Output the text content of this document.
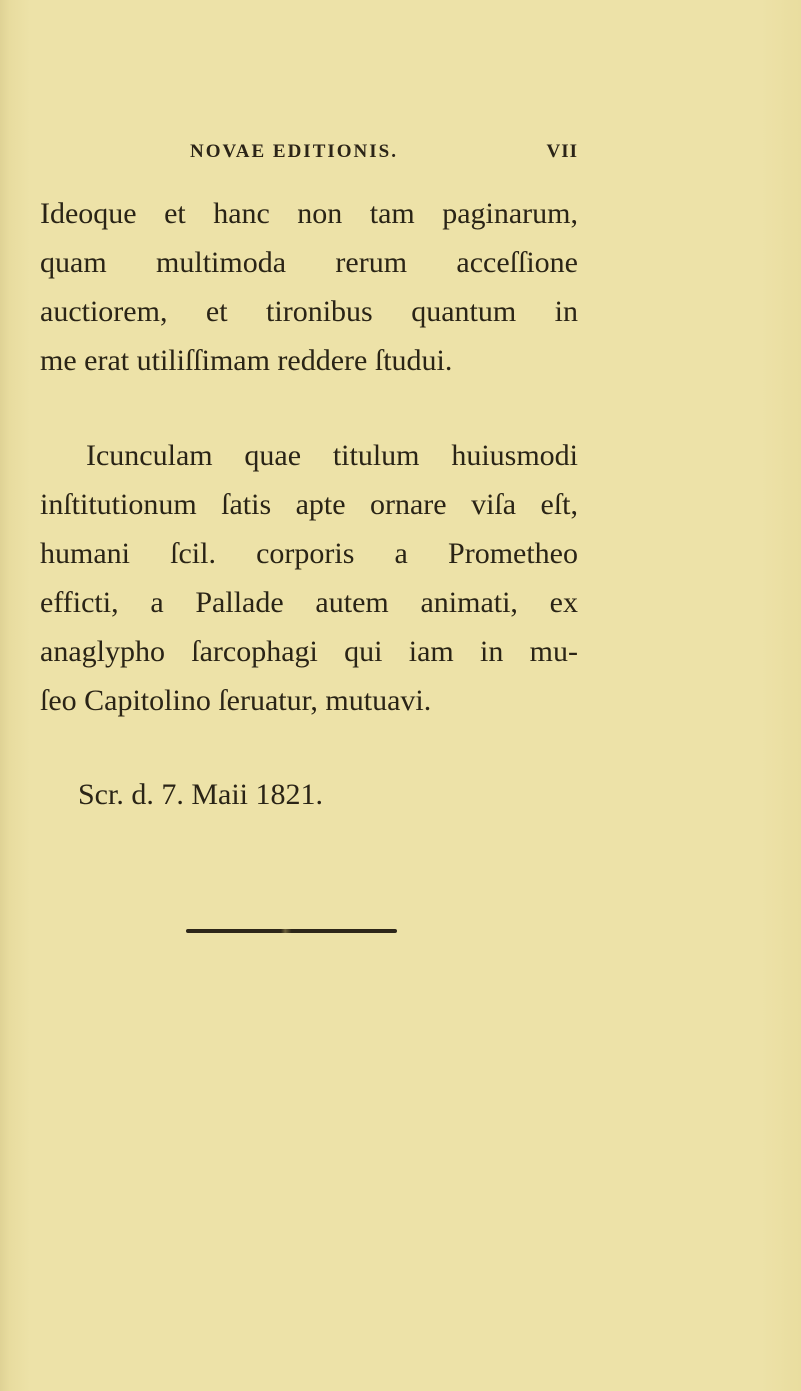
NOVAE EDITIONIS.	VII
Ideoque et hanc non tam paginarum,
quam multimoda rerum acceſſione
auctiorem, et tironibus quantum in
me erat utiliſſimam reddere ſtudui.
Icunculam quae titulum huiusmodi
inſtitutionum ſatis apte ornare viſa eſt,
humani ſcil. corporis a Prometheo
efficti, a Pallade autem animati, ex
anaglypho ſarcophagi qui iam in mu-
ſeo Capitolino ſeruatur, mutuavi.
Scr. d. 7. Maii 1821.
